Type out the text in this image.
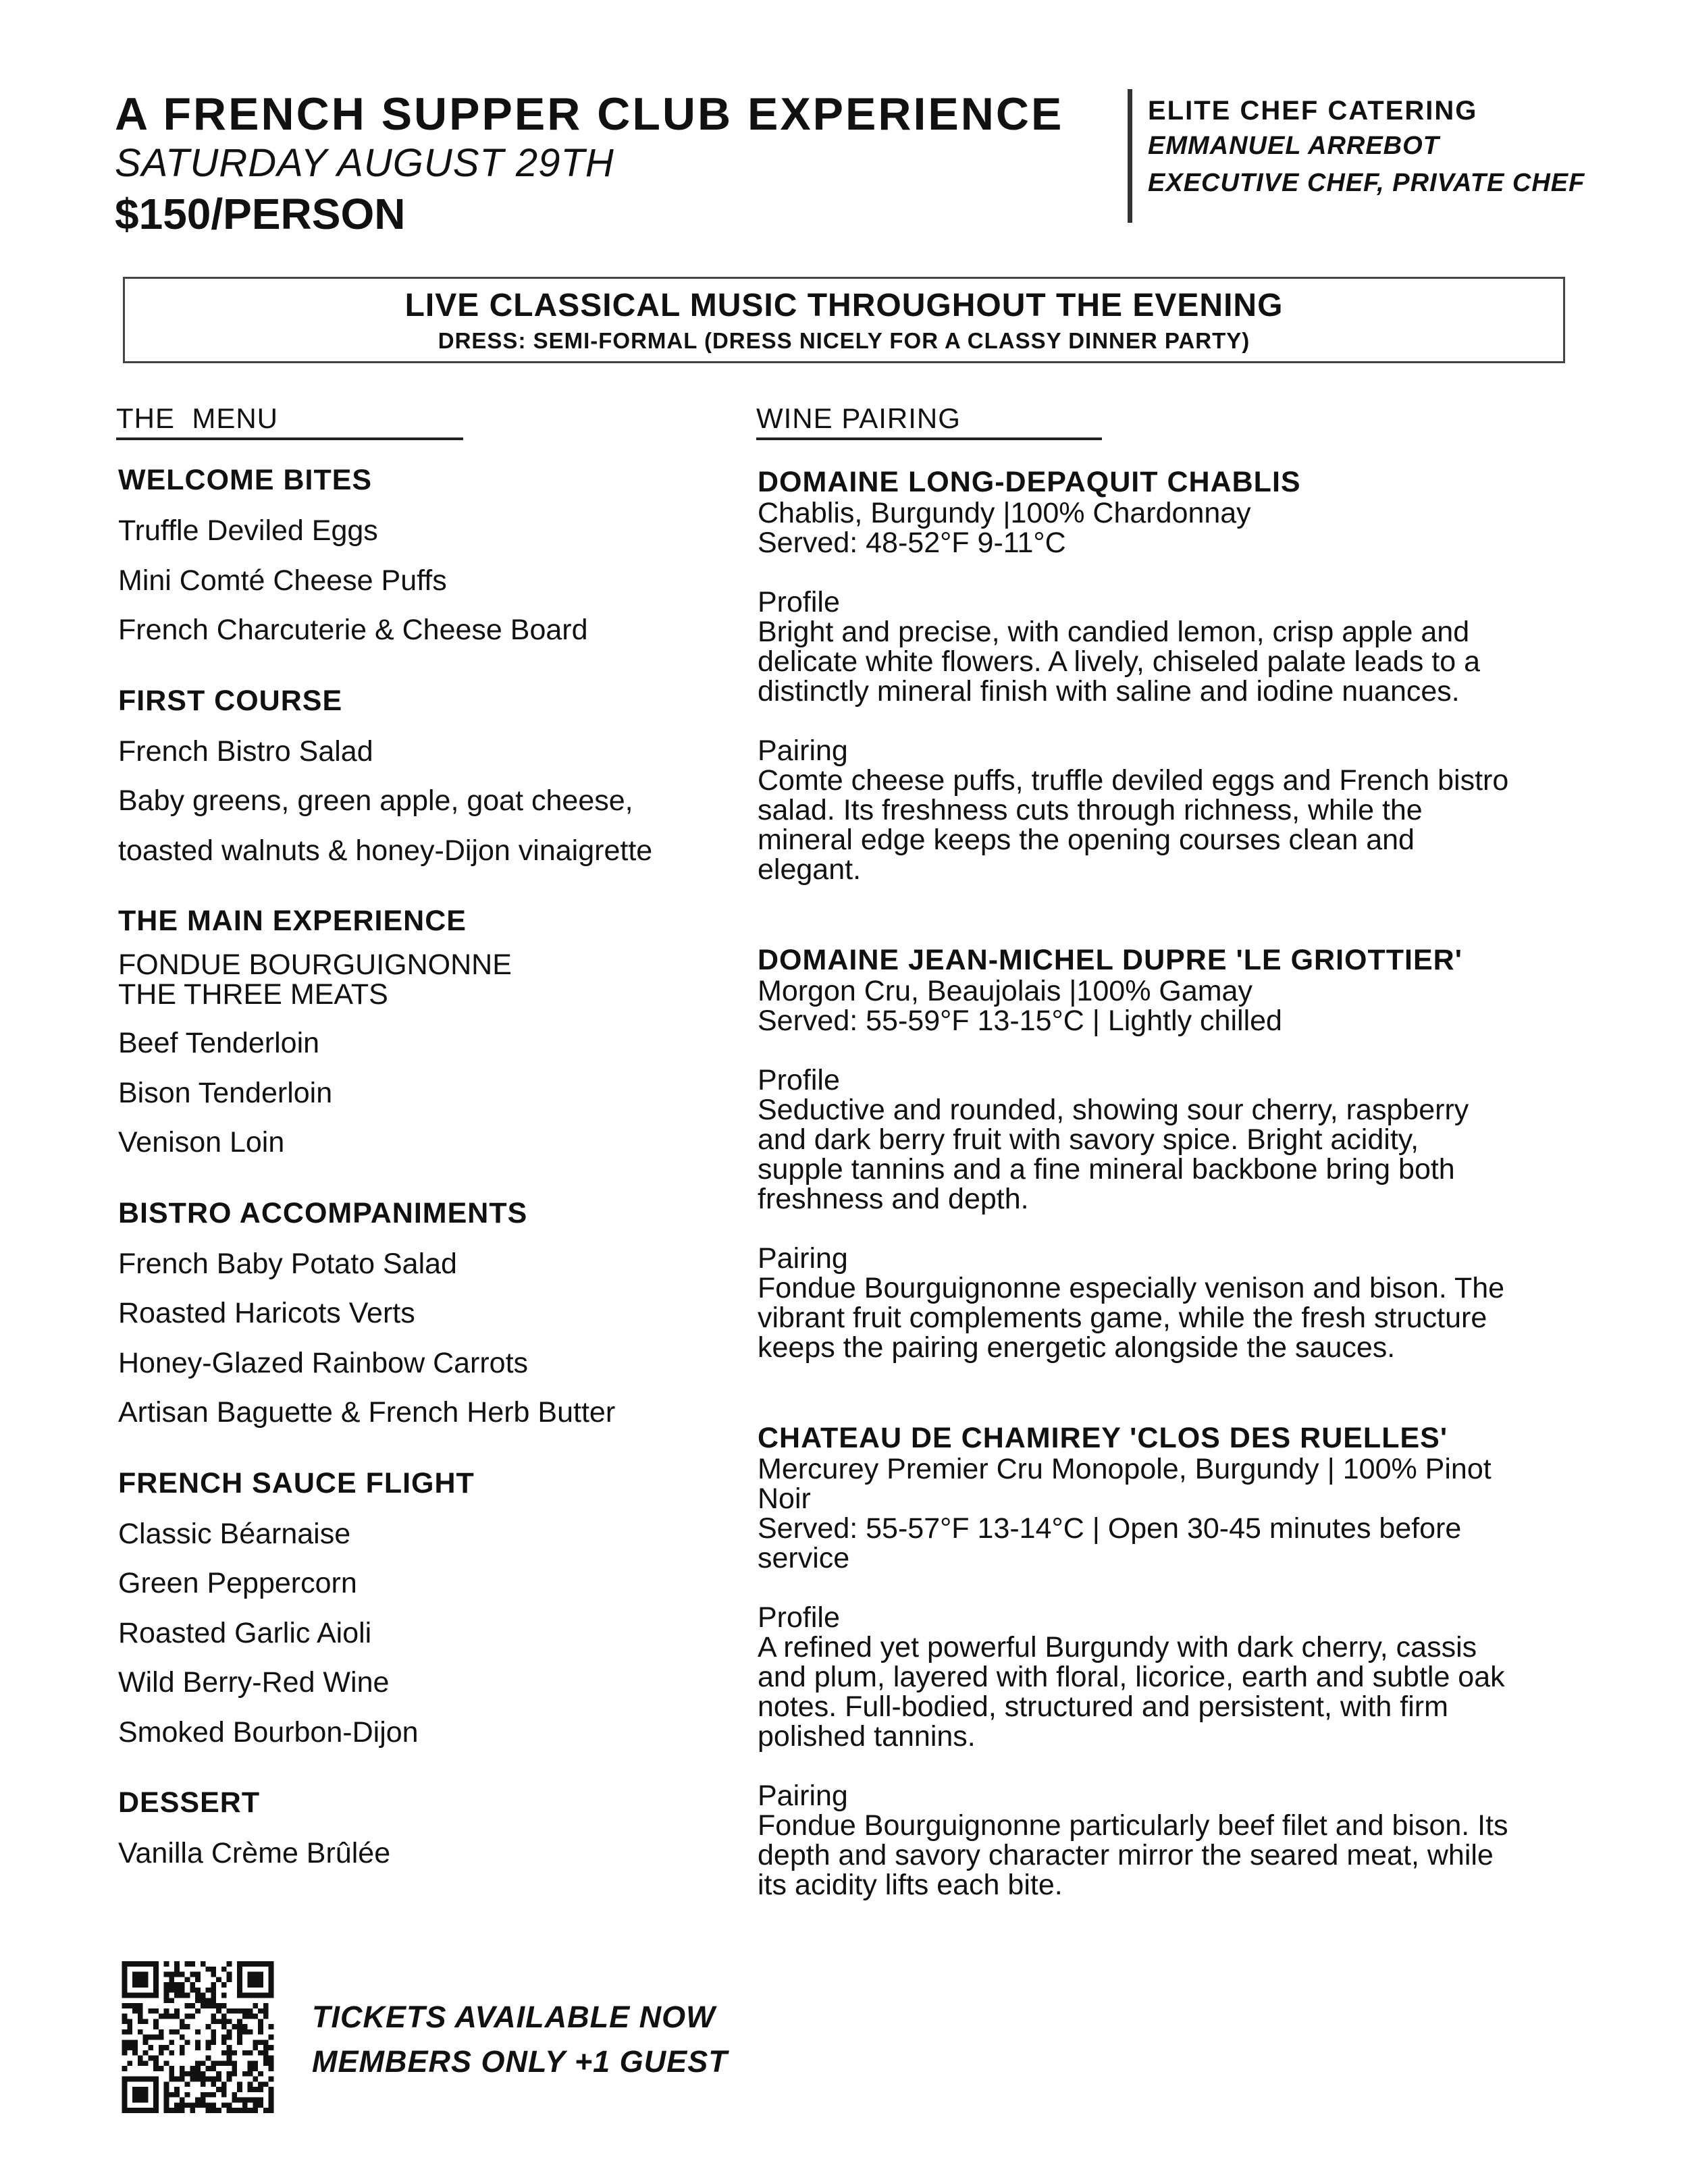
A FRENCH SUPPER CLUB EXPERIENCE
SATURDAY AUGUST 29TH
$150/PERSON
ELITE CHEF CATERING
EMMANUEL ARREBOT
EXECUTIVE CHEF, PRIVATE CHEF
LIVE CLASSICAL MUSIC THROUGHOUT THE EVENING
DRESS: SEMI-FORMAL (DRESS NICELY FOR A CLASSY DINNER PARTY)
THE  MENU	WINE PAIRING
WELCOME BITES
Truffle Deviled Eggs
Mini Comté Cheese Puffs
French Charcuterie & Cheese Board
FIRST COURSE
French Bistro Salad
Baby greens, green apple, goat cheese,
toasted walnuts & honey-Dijon vinaigrette
THE MAIN EXPERIENCE
FONDUE BOURGUIGNONNE
THE THREE MEATS
Beef Tenderloin
Bison Tenderloin
Venison Loin
BISTRO ACCOMPANIMENTS
French Baby Potato Salad
Roasted Haricots Verts
Honey-Glazed Rainbow Carrots
Artisan Baguette & French Herb Butter
FRENCH SAUCE FLIGHT
Classic Béarnaise
Green Peppercorn
Roasted Garlic Aioli
Wild Berry-Red Wine
Smoked Bourbon-Dijon
DESSERT
Vanilla Crème Brûlée
DOMAINE LONG-DEPAQUIT CHABLIS
Chablis, Burgundy |100% Chardonnay
Served: 48-52°F 9-11°C
Profile
Bright and precise, with candied lemon, crisp apple and
delicate white flowers. A lively, chiseled palate leads to a
distinctly mineral finish with saline and iodine nuances.
Pairing
Comte cheese puffs, truffle deviled eggs and French bistro
salad. Its freshness cuts through richness, while the
mineral edge keeps the opening courses clean and
elegant.
DOMAINE JEAN-MICHEL DUPRE 'LE GRIOTTIER'
Morgon Cru, Beaujolais |100% Gamay
Served: 55-59°F 13-15°C | Lightly chilled
Profile
Seductive and rounded, showing sour cherry, raspberry
and dark berry fruit with savory spice. Bright acidity,
supple tannins and a fine mineral backbone bring both
freshness and depth.
Pairing
Fondue Bourguignonne especially venison and bison. The
vibrant fruit complements game, while the fresh structure
keeps the pairing energetic alongside the sauces.
CHATEAU DE CHAMIREY 'CLOS DES RUELLES'
Mercurey Premier Cru Monopole, Burgundy | 100% Pinot
Noir
Served: 55-57°F 13-14°C | Open 30-45 minutes before
service
Profile
A refined yet powerful Burgundy with dark cherry, cassis
and plum, layered with floral, licorice, earth and subtle oak
notes. Full-bodied, structured and persistent, with firm
polished tannins.
Pairing
Fondue Bourguignonne particularly beef filet and bison. Its
depth and savory character mirror the seared meat, while
its acidity lifts each bite.
TICKETS AVAILABLE NOW
MEMBERS ONLY +1 GUEST
